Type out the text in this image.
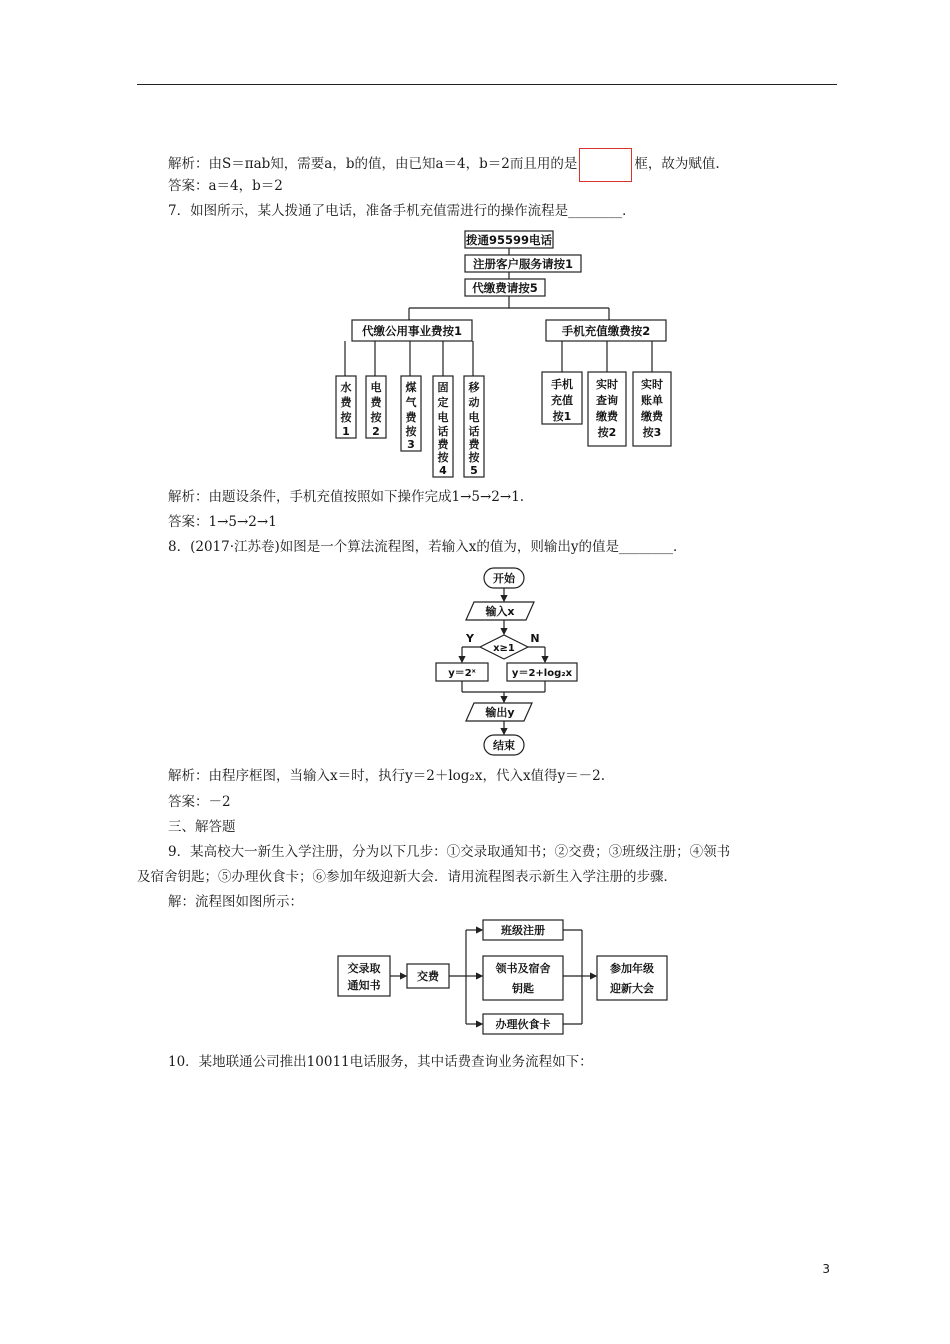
解析：由S＝πab知，需要a，b的值，由已知a＝4，b＝2而且用的是	框，故为赋值.
答案：a＝4，b＝2
7．如图所示，某人拨通了电话，准备手机充值需进行的操作流程是________．
拨通95599电话
注册客户服务请按1
代缴费请按5
代缴公用事业费按1	手机充值缴费按2
水
费
按
1
电
费
按
2
煤
气
费
按
3
固
定
电
话
费
按
4
移
动
电
话
费
按
5
手机
充值
按1
实时
查询
缴费
按2
实时
账单
缴费
按3
解析：由题设条件，手机充值按照如下操作完成1→5→2→1.
答案：1→5→2→1
8．(2017·江苏卷)如图是一个算法流程图，若输入x的值为，则输出y的值是________．
开始
输入x
x≥1
Y	N
y＝2ˣ	y＝2+log₂x
输出y
结束
解析：由程序框图，当输入x＝时，执行y＝2＋log₂x，代入x值得y＝－2.
答案：－2
三、解答题
9．某高校大一新生入学注册，分为以下几步：①交录取通知书；②交费；③班级注册；④领书
及宿舍钥匙；⑤办理伙食卡；⑥参加年级迎新大会．请用流程图表示新生入学注册的步骤．
解：流程图如图所示：
交录取
通知书
交费
班级注册
领书及宿舍
钥匙
办理伙食卡
参加年级
迎新大会
10．某地联通公司推出10011电话服务，其中话费查询业务流程如下：
3
